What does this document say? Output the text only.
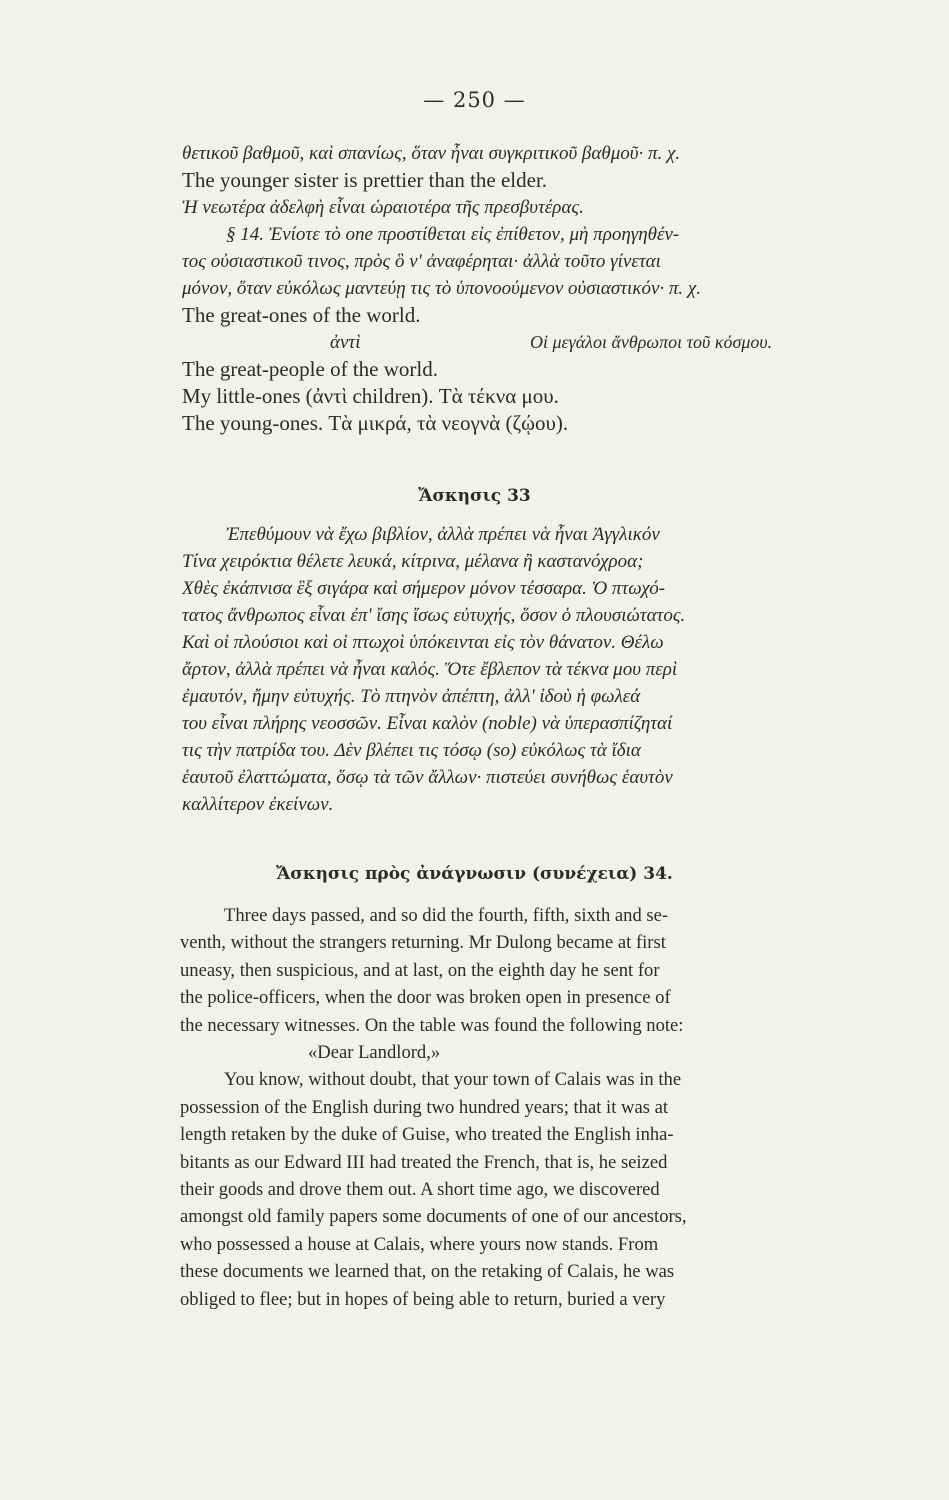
— 250 —
θετικοῦ βαθμοῦ, καὶ σπανίως, ὅταν ἦναι συγκριτικοῦ βαθμοῦ· π. χ.
The younger sister is prettier than the elder.
Ἡ νεωτέρα ἀδελφὴ εἶναι ὡραιοτέρα τῆς πρεσβυτέρας.
§ 14. Ἐνίοτε τὸ one προστίθεται εἰς ἐπίθετον, μὴ προηγηθέν-
τος οὐσιαστικοῦ τινος, πρὸς ὃ ν' ἀναφέρηται· ἀλλὰ τοῦτο γίνεται
μόνον, ὅταν εὐκόλως μαντεύῃ τις τὸ ὑπονοούμενον οὐσιαστικόν· π. χ.
The great-ones of the world.
ἀντὶ	Οἱ μεγάλοι ἄνθρωποι τοῦ κόσμου.
The great-people of the world.
My little-ones (ἀντὶ children). Τὰ τέκνα μου.
The young-ones. Τὰ μικρά, τὰ νεογνὰ (ζῴου).
Ἄσκησις 33
Ἐπεθύμουν νὰ ἔχω βιβλίον, ἀλλὰ πρέπει νὰ ἦναι Ἀγγλικόν
Τίνα χειρόκτια θέλετε λευκά, κίτρινα, μέλανα ἢ καστανόχροα;
Χθὲς ἐκάπνισα ἓξ σιγάρα καὶ σήμερον μόνον τέσσαρα. Ὁ πτωχό-
τατος ἄνθρωπος εἶναι ἐπ' ἴσης ἴσως εὐτυχής, ὅσον ὁ πλουσιώτατος.
Καὶ οἱ πλούσιοι καὶ οἱ πτωχοὶ ὑπόκεινται εἰς τὸν θάνατον. Θέλω
ἄρτον, ἀλλὰ πρέπει νὰ ἦναι καλός. Ὅτε ἔβλεπον τὰ τέκνα μου περὶ
ἐμαυτόν, ἤμην εὐτυχής. Τὸ πτηνὸν ἀπέπτη, ἀλλ' ἰδοὺ ἡ φωλεά
του εἶναι πλήρης νεοσσῶν. Εἶναι καλὸν (noble) νὰ ὑπερασπίζηταί
τις τὴν πατρίδα του. Δὲν βλέπει τις τόσῳ (so) εὐκόλως τὰ ἴδια
ἑαυτοῦ ἐλαττώματα, ὅσῳ τὰ τῶν ἄλλων· πιστεύει συνήθως ἑαυτὸν
καλλίτερον ἐκείνων.
Ἄσκησις πρὸς ἀνάγνωσιν (συνέχεια) 34.
Three days passed, and so did the fourth, fifth, sixth and se-
venth, without the strangers returning. Mr Dulong became at first
uneasy, then suspicious, and at last, on the eighth day he sent for
the police-officers, when the door was broken open in presence of
the necessary witnesses. On the table was found the following note:
«Dear Landlord,»
You know, without doubt, that your town of Calais was in the
possession of the English during two hundred years; that it was at
length retaken by the duke of Guise, who treated the English inha-
bitants as our Edward III had treated the French, that is, he seized
their goods and drove them out. A short time ago, we discovered
amongst old family papers some documents of one of our ancestors,
who possessed a house at Calais, where yours now stands. From
these documents we learned that, on the retaking of Calais, he was
obliged to flee; but in hopes of being able to return, buried a very
